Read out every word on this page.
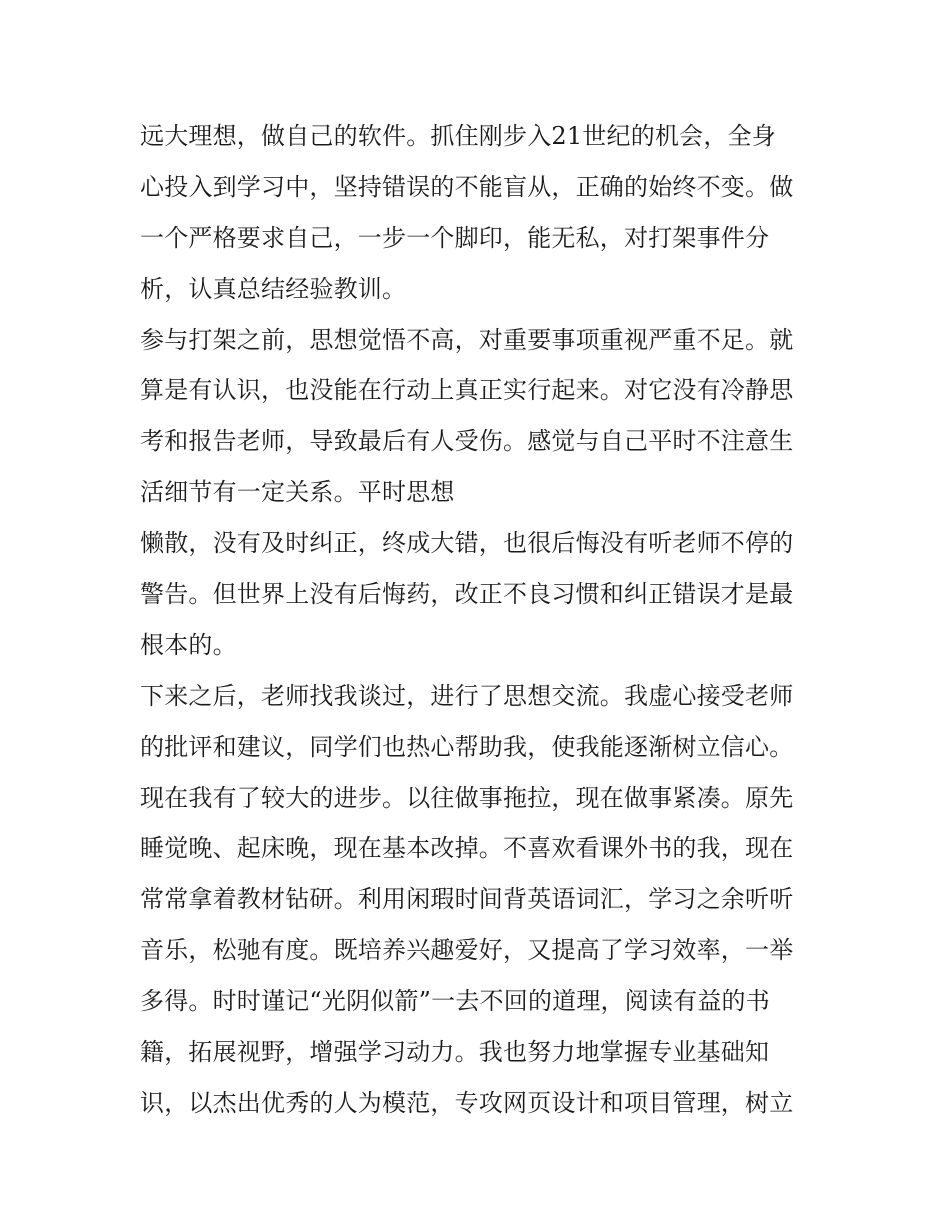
远大理想，做自己的软件。抓住刚步入21世纪的机会，全身
心投入到学习中，坚持错误的不能盲从，正确的始终不变。做
一个严格要求自己，一步一个脚印，能无私，对打架事件分
析，认真总结经验教训。
参与打架之前，思想觉悟不高，对重要事项重视严重不足。就
算是有认识，也没能在行动上真正实行起来。对它没有冷静思
考和报告老师，导致最后有人受伤。感觉与自己平时不注意生
活细节有一定关系。平时思想
懒散，没有及时纠正，终成大错，也很后悔没有听老师不停的
警告。但世界上没有后悔药，改正不良习惯和纠正错误才是最
根本的。
下来之后，老师找我谈过，进行了思想交流。我虚心接受老师
的批评和建议，同学们也热心帮助我，使我能逐渐树立信心。
现在我有了较大的进步。以往做事拖拉，现在做事紧凑。原先
睡觉晚、起床晚，现在基本改掉。不喜欢看课外书的我，现在
常常拿着教材钻研。利用闲瑕时间背英语词汇，学习之余听听
音乐，松驰有度。既培养兴趣爱好，又提高了学习效率，一举
多得。时时谨记“光阴似箭”一去不回的道理，阅读有益的书
籍，拓展视野，增强学习动力。我也努力地掌握专业基础知
识，以杰出优秀的人为模范，专攻网页设计和项目管理，树立
